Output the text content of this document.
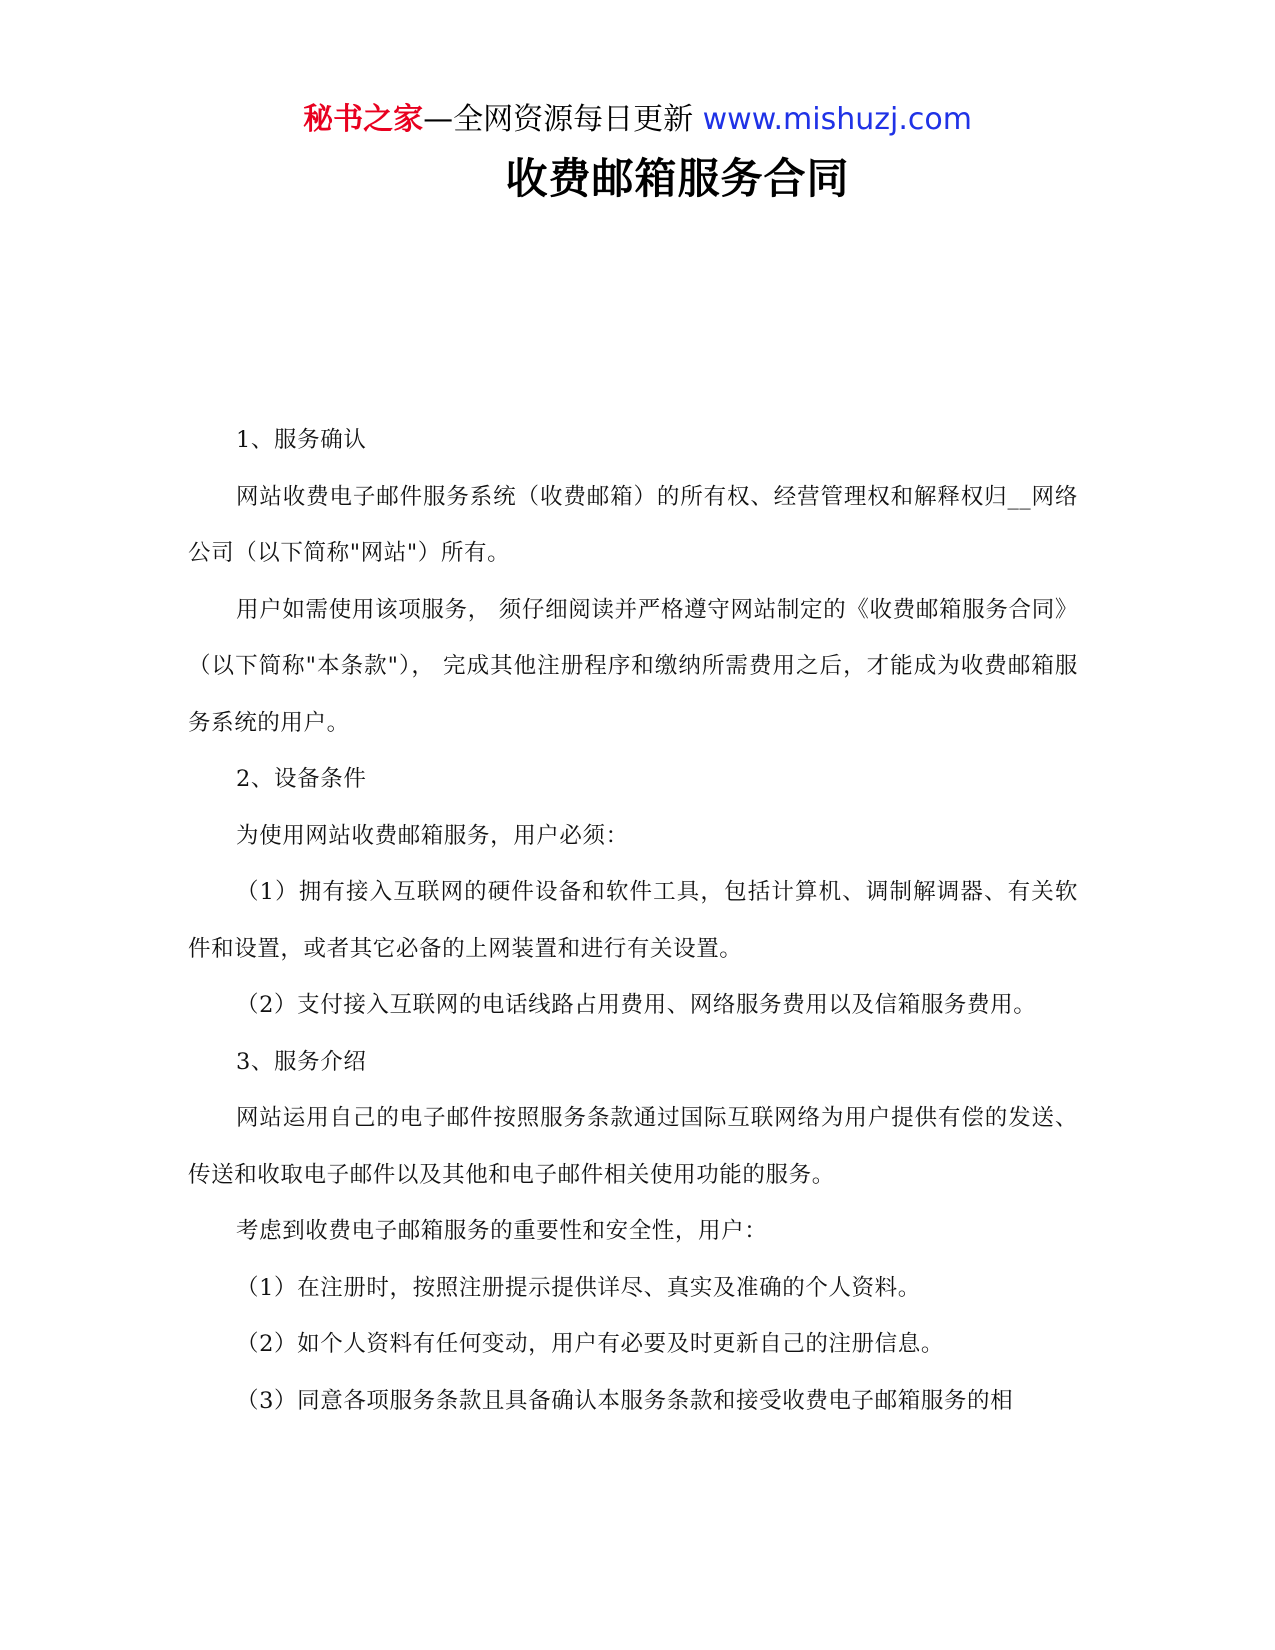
秘书之家—全网资源每日更新 www.mishuzj.com
收费邮箱服务合同

1、服务确认

网站收费电子邮件服务系统（收费邮箱）的所有权、经营管理权和解释权归__网络公司（以下简称"网站"）所有。

用户如需使用该项服务， 须仔细阅读并严格遵守网站制定的《收费邮箱服务合同》（以下简称"本条款"）， 完成其他注册程序和缴纳所需费用之后，才能成为收费邮箱服务系统的用户。

2、设备条件

为使用网站收费邮箱服务，用户必须：

（1）拥有接入互联网的硬件设备和软件工具，包括计算机、调制解调器、有关软件和设置，或者其它必备的上网装置和进行有关设置。

（2）支付接入互联网的电话线路占用费用、网络服务费用以及信箱服务费用。

3、服务介绍

网站运用自己的电子邮件按照服务条款通过国际互联网络为用户提供有偿的发送、传送和收取电子邮件以及其他和电子邮件相关使用功能的服务。

考虑到收费电子邮箱服务的重要性和安全性，用户：

（1）在注册时，按照注册提示提供详尽、真实及准确的个人资料。

（2）如个人资料有任何变动，用户有必要及时更新自己的注册信息。

（3）同意各项服务条款且具备确认本服务条款和接受收费电子邮箱服务的相
